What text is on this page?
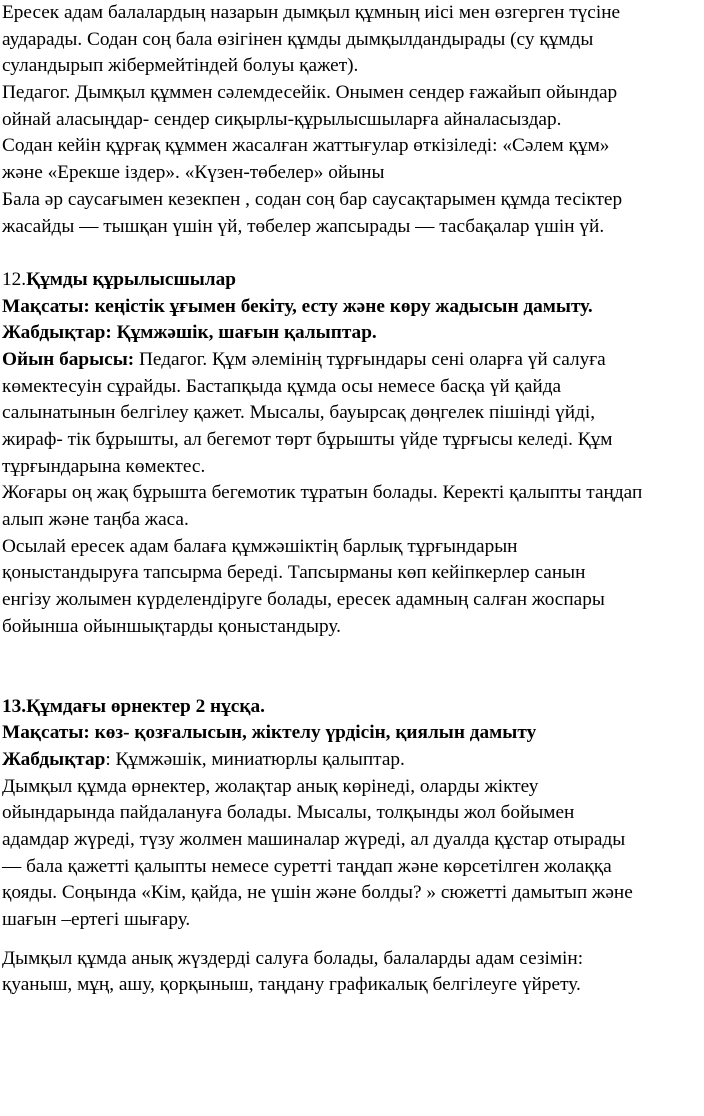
Ересек адам балалардың назарын дымқыл құмның иісі мен өзгерген түсіне
аударады. Содан соң бала өзігінен құмды дымқылдандырады (су құмды
суландырып жібермейтіндей болуы қажет).
Педагог. Дымқыл құммен сәлемдесейік. Онымен сендер ғажайып ойындар
ойнай аласыңдар- сендер сиқырлы-құрылысшыларға айналасыздар.
Содан кейін құрғақ құммен жасалған жаттығулар өткізіледі: «Сәлем құм»
және «Ерекше іздер». «Күзен-төбелер» ойыны
Бала әр саусағымен кезекпен , содан соң бар саусақтарымен құмда тесіктер
жасайды — тышқан үшін үй, төбелер жапсырады — тасбақалар үшін үй.
12.Құмды құрылысшылар
Мақсаты: кеңістік ұғымен бекіту, есту және көру жадысын дамыту.
Жабдықтар: Құмжәшік, шағын қалыптар.
Ойын барысы: Педагог. Құм әлемінің тұрғындары сені оларға үй салуға
көмектесуін сұрайды. Бастапқыда құмда осы немесе басқа үй қайда
салынатынын белгілеу қажет. Мысалы, бауырсақ дөңгелек пішінді үйді,
жираф- тік бұрышты, ал бегемот төрт бұрышты үйде тұрғысы келеді. Құм
тұрғындарына көмектес.
Жоғары оң жақ бұрышта бегемотик тұратын болады. Керекті қалыпты таңдап
алып және таңба жаса.
Осылай ересек адам балаға құмжәшіктің барлық тұрғындарын
қоныстандыруға тапсырма береді. Тапсырманы көп кейіпкерлер санын
енгізу жолымен күрделендіруге болады, ересек адамның салған жоспары
бойынша ойыншықтарды қоныстандыру.
13.Құмдағы өрнектер 2 нұсқа.
Мақсаты: көз- қозғалысын, жіктелу үрдісін, қиялын дамыту
Жабдықтар: Құмжәшік, миниатюрлы қалыптар.
Дымқыл құмда өрнектер, жолақтар анық көрінеді, оларды жіктеу
ойындарында пайдалануға болады. Мысалы, толқынды жол бойымен
адамдар жүреді, түзу жолмен машиналар жүреді, ал дуалда құстар отырады
— бала қажетті қалыпты немесе суретті таңдап және көрсетілген жолаққа
қояды. Соңында «Кім, қайда, не үшін және болды? » сюжетті дамытып және
шағын –ертегі шығару.
Дымқыл құмда анық жүздерді салуға болады, балаларды адам сезімін:
қуаныш, мұң, ашу, қорқыныш, таңдану графикалық белгілеуге үйрету.
